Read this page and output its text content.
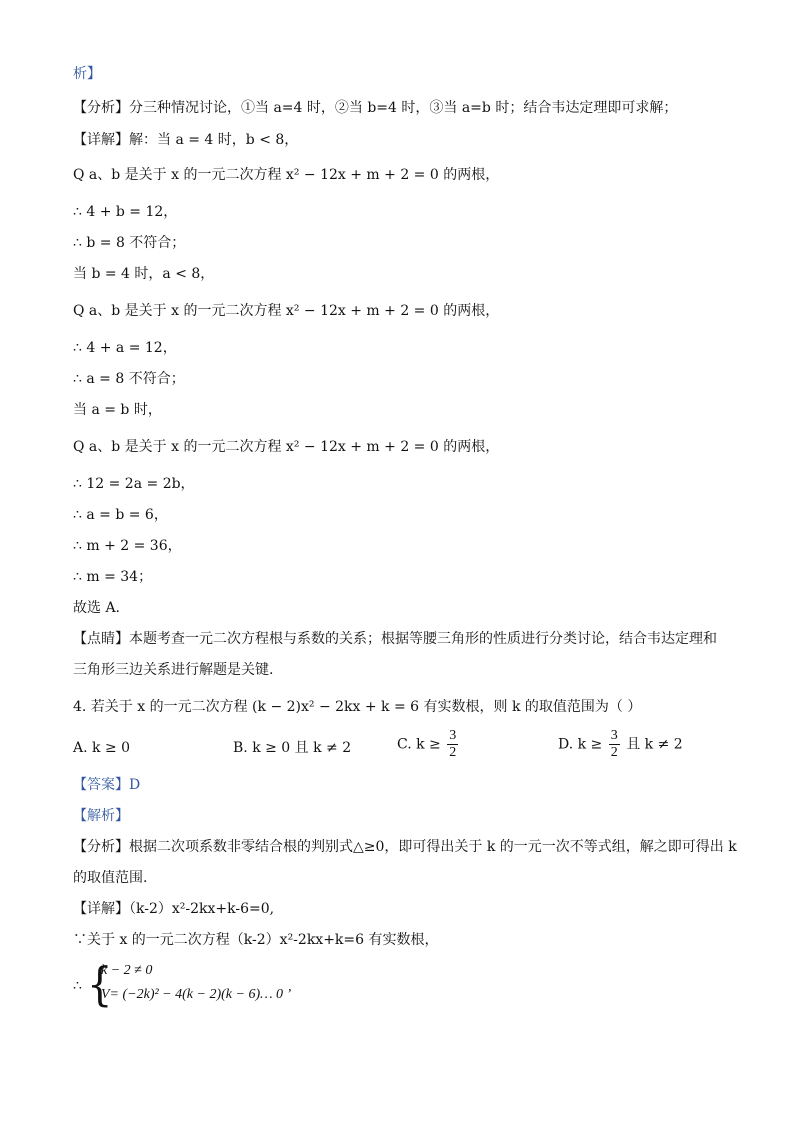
析】
【分析】分三种情况讨论，①当 a=4 时，②当 b=4 时，③当 a=b 时；结合韦达定理即可求解；
【详解】解：当 a = 4 时，b < 8，
Q a、b 是关于 x 的一元二次方程 x² − 12x + m + 2 = 0 的两根，
∴ 4 + b = 12，
∴ b = 8 不符合；
当 b = 4 时，a < 8，
Q a、b 是关于 x 的一元二次方程 x² − 12x + m + 2 = 0 的两根，
∴ 4 + a = 12，
∴ a = 8 不符合；
当 a = b 时，
Q a、b 是关于 x 的一元二次方程 x² − 12x + m + 2 = 0 的两根，
∴ 12 = 2a = 2b，
∴ a = b = 6，
∴ m + 2 = 36，
∴ m = 34；
故选 A.
【点睛】本题考查一元二次方程根与系数的关系；根据等腰三角形的性质进行分类讨论，结合韦达定理和
三角形三边关系进行解题是关键.
4. 若关于 x 的一元二次方程 (k − 2)x² − 2kx + k = 6 有实数根，则 k 的取值范围为（ ）
A. k ≥ 0	B. k ≥ 0 且 k ≠ 2	C. $k \ge \frac{3}{2}$	D. $k \ge \frac{3}{2}$ 且 k ≠ 2
【答案】D
【解析】
【分析】根据二次项系数非零结合根的判别式△≥0，即可得出关于 k 的一元一次不等式组，解之即可得出 k
的取值范围.
【详解】（k-2）x²-2kx+k-6=0,
∵关于 x 的一元二次方程（k-2）x²-2kx+k=6 有实数根，
∴ {
k − 2 ≠ 0
V= (−2k)² − 4(k − 2)(k − 6)… 0 ’
